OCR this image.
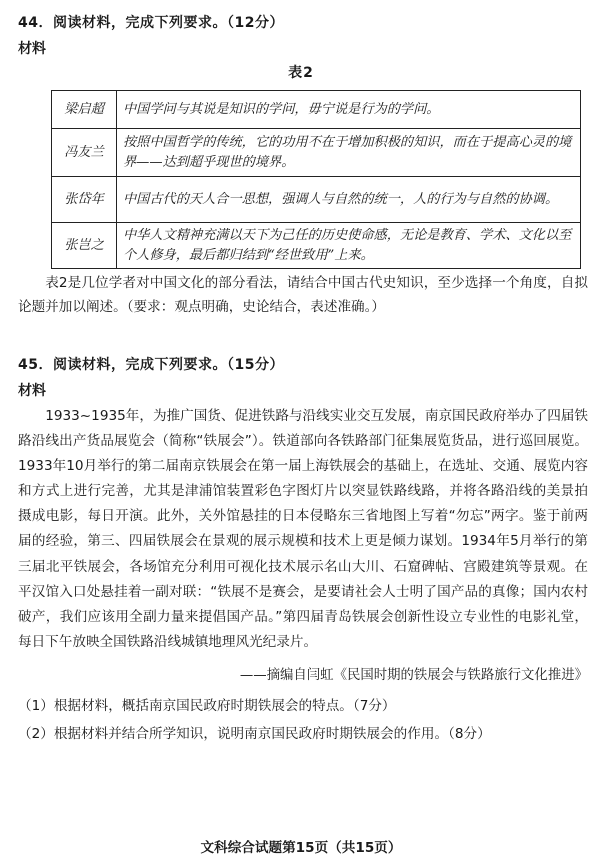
44．阅读材料，完成下列要求。（12分）
材料
表2
梁启超	中国学问与其说是知识的学问，毋宁说是行为的学问。
冯友兰	按照中国哲学的传统，它的功用不在于增加积极的知识，而在于提高心灵的境界——达到超乎现世的境界。
张岱年	中国古代的天人合一思想，强调人与自然的统一，人的行为与自然的协调。
张岂之	中华人文精神充满以天下为己任的历史使命感，无论是教育、学术、文化以至个人修身，最后都归结到“经世致用”上来。
表2是几位学者对中国文化的部分看法，请结合中国古代史知识，至少选择一个角度，自拟论题并加以阐述。（要求：观点明确，史论结合，表述准确。）
45．阅读材料，完成下列要求。（15分）
材料
1933~1935年，为推广国货、促进铁路与沿线实业交互发展，南京国民政府举办了四届铁路沿线出产货品展览会（简称“铁展会”）。铁道部向各铁路部门征集展览货品，进行巡回展览。1933年10月举行的第二届南京铁展会在第一届上海铁展会的基础上，在选址、交通、展览内容和方式上进行完善，尤其是津浦馆装置彩色字图灯片以突显铁路线路，并将各路沿线的美景拍摄成电影，每日开演。此外，关外馆悬挂的日本侵略东三省地图上写着“勿忘”两字。鉴于前两届的经验，第三、四届铁展会在景观的展示规模和技术上更是倾力谋划。1934年5月举行的第三届北平铁展会，各场馆充分利用可视化技术展示名山大川、石窟碑帖、宫殿建筑等景观。在平汉馆入口处悬挂着一副对联：“铁展不是赛会，是要请社会人士明了国产品的真像；国内农村破产，我们应该用全副力量来提倡国产品。”第四届青岛铁展会创新性设立专业性的电影礼堂，每日下午放映全国铁路沿线城镇地理风光纪录片。
——摘编自闫虹《民国时期的铁展会与铁路旅行文化推进》
（1）根据材料，概括南京国民政府时期铁展会的特点。（7分）
（2）根据材料并结合所学知识，说明南京国民政府时期铁展会的作用。（8分）
文科综合试题第15页（共15页）
